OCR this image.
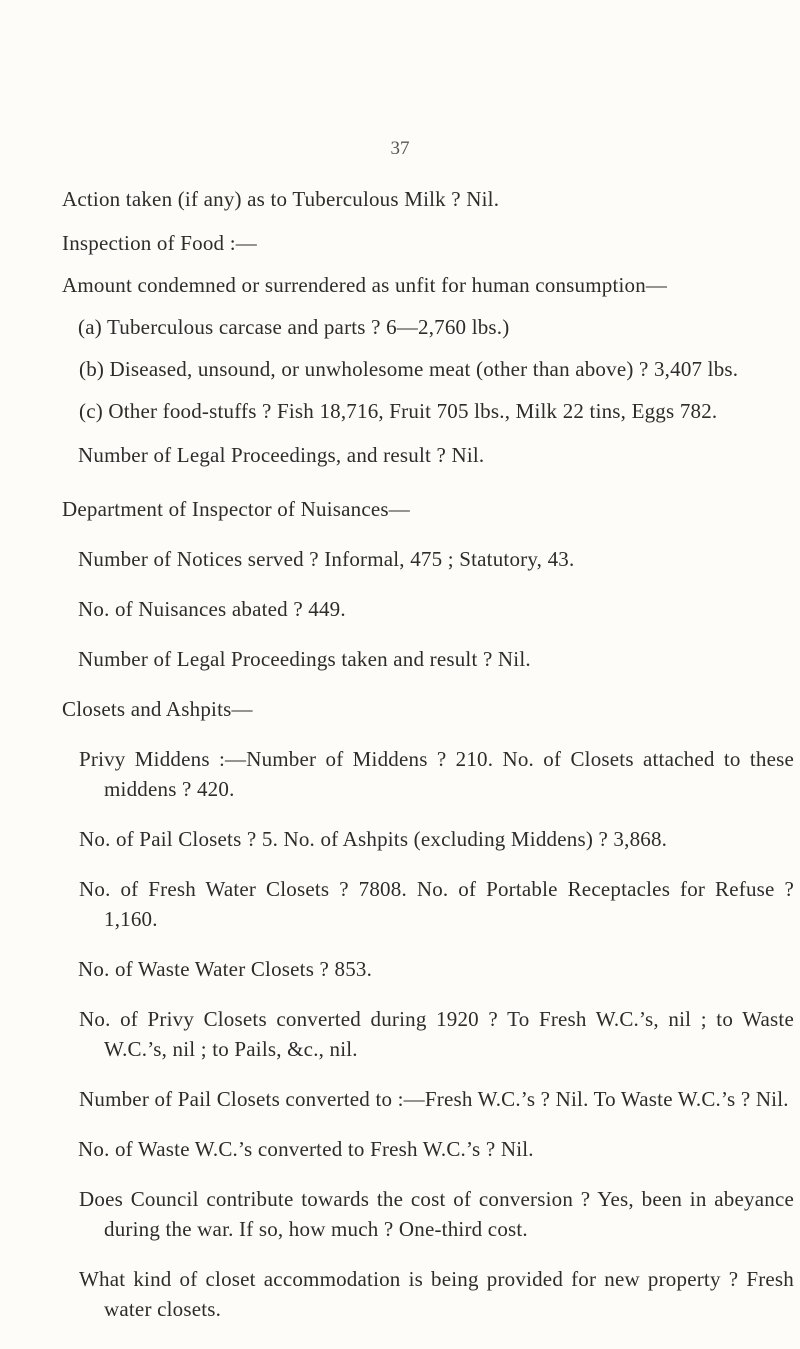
37
Action taken (if any) as to Tuberculous Milk ? Nil.
Inspection of Food :—
Amount condemned or surrendered as unfit for human consumption—
(a) Tuberculous carcase and parts ? 6—2,760 lbs.)
(b) Diseased, unsound, or unwholesome meat (other than above) ? 3,407 lbs.
(c) Other food-stuffs ? Fish 18,716, Fruit 705 lbs., Milk 22 tins, Eggs 782.
Number of Legal Proceedings, and result ? Nil.
Department of Inspector of Nuisances—
Number of Notices served ? Informal, 475 ; Statutory, 43.
No. of Nuisances abated ? 449.
Number of Legal Proceedings taken and result ? Nil.
Closets and Ashpits—
Privy Middens :—Number of Middens ? 210. No. of Closets attached to these middens ? 420.
No. of Pail Closets ? 5. No. of Ashpits (excluding Middens) ? 3,868.
No. of Fresh Water Closets ? 7808. No. of Portable Receptacles for Refuse ? 1,160.
No. of Waste Water Closets ? 853.
No. of Privy Closets converted during 1920 ? To Fresh W.C.’s, nil ; to Waste W.C.’s, nil ; to Pails, &c., nil.
Number of Pail Closets converted to :—Fresh W.C.’s ? Nil. To Waste W.C.’s ? Nil.
No. of Waste W.C.’s converted to Fresh W.C.’s ? Nil.
Does Council contribute towards the cost of conversion ? Yes, been in abeyance during the war. If so, how much ? One-third cost.
What kind of closet accommodation is being provided for new property ? Fresh water closets.
